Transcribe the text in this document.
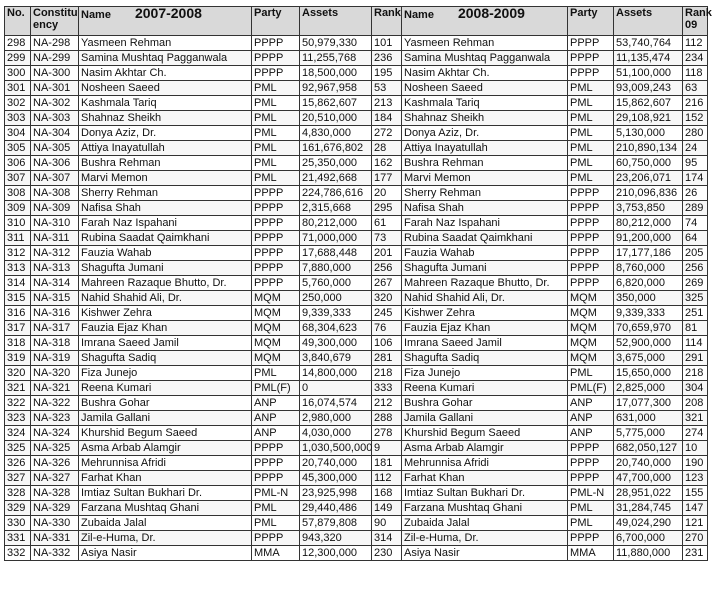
No.	Constitu ency	Name 2007-2008	Party	Assets	Rank	Name 2008-2009	Party	Assets	Rank 09
298	NA-298	Yasmeen Rehman	PPPP	50,979,330	101	Yasmeen Rehman	PPPP	53,740,764	112
299	NA-299	Samina Mushtaq Pagganwala	PPPP	11,255,768	236	Samina Mushtaq Pagganwala	PPPP	11,135,474	234
300	NA-300	Nasim Akhtar Ch.	PPPP	18,500,000	195	Nasim Akhtar Ch.	PPPP	51,100,000	118
301	NA-301	Nosheen Saeed	PML	92,967,958	53	Nosheen Saeed	PML	93,009,243	63
302	NA-302	Kashmala Tariq	PML	15,862,607	213	Kashmala Tariq	PML	15,862,607	216
303	NA-303	Shahnaz Sheikh	PML	20,510,000	184	Shahnaz Sheikh	PML	29,108,921	152
304	NA-304	Donya Aziz, Dr.	PML	4,830,000	272	Donya Aziz, Dr.	PML	5,130,000	280
305	NA-305	Attiya Inayatullah	PML	161,676,802	28	Attiya Inayatullah	PML	210,890,134	24
306	NA-306	Bushra Rehman	PML	25,350,000	162	Bushra Rehman	PML	60,750,000	95
307	NA-307	Marvi Memon	PML	21,492,668	177	Marvi Memon	PML	23,206,071	174
308	NA-308	Sherry Rehman	PPPP	224,786,616	20	Sherry Rehman	PPPP	210,096,836	26
309	NA-309	Nafisa Shah	PPPP	2,315,668	295	Nafisa Shah	PPPP	3,753,850	289
310	NA-310	Farah Naz Ispahani	PPPP	80,212,000	61	Farah Naz Ispahani	PPPP	80,212,000	74
311	NA-311	Rubina Saadat Qaimkhani	PPPP	71,000,000	73	Rubina Saadat Qaimkhani	PPPP	91,200,000	64
312	NA-312	Fauzia Wahab	PPPP	17,688,448	201	Fauzia Wahab	PPPP	17,177,186	205
313	NA-313	Shagufta Jumani	PPPP	7,880,000	256	Shagufta Jumani	PPPP	8,760,000	256
314	NA-314	Mahreen Razaque Bhutto, Dr.	PPPP	5,760,000	267	Mahreen Razaque Bhutto, Dr.	PPPP	6,820,000	269
315	NA-315	Nahid Shahid Ali, Dr.	MQM	250,000	320	Nahid Shahid Ali, Dr.	MQM	350,000	325
316	NA-316	Kishwer Zehra	MQM	9,339,333	245	Kishwer Zehra	MQM	9,339,333	251
317	NA-317	Fauzia Ejaz Khan	MQM	68,304,623	76	Fauzia Ejaz Khan	MQM	70,659,970	81
318	NA-318	Imrana Saeed Jamil	MQM	49,300,000	106	Imrana Saeed Jamil	MQM	52,900,000	114
319	NA-319	Shagufta Sadiq	MQM	3,840,679	281	Shagufta Sadiq	MQM	3,675,000	291
320	NA-320	Fiza Junejo	PML	14,800,000	218	Fiza Junejo	PML	15,650,000	218
321	NA-321	Reena Kumari	PML(F)	0	333	Reena Kumari	PML(F)	2,825,000	304
322	NA-322	Bushra Gohar	ANP	16,074,574	212	Bushra Gohar	ANP	17,077,300	208
323	NA-323	Jamila Gallani	ANP	2,980,000	288	Jamila Gallani	ANP	631,000	321
324	NA-324	Khurshid Begum Saeed	ANP	4,030,000	278	Khurshid Begum Saeed	ANP	5,775,000	274
325	NA-325	Asma Arbab Alamgir	PPPP	1,030,500,000	9	Asma Arbab Alamgir	PPPP	682,050,127	10
326	NA-326	Mehrunnisa Afridi	PPPP	20,740,000	181	Mehrunnisa Afridi	PPPP	20,740,000	190
327	NA-327	Farhat Khan	PPPP	45,300,000	112	Farhat Khan	PPPP	47,700,000	123
328	NA-328	Imtiaz Sultan Bukhari Dr.	PML-N	23,925,998	168	Imtiaz Sultan Bukhari Dr.	PML-N	28,951,022	155
329	NA-329	Farzana Mushtaq Ghani	PML	29,440,486	149	Farzana Mushtaq Ghani	PML	31,284,745	147
330	NA-330	Zubaida Jalal	PML	57,879,808	90	Zubaida Jalal	PML	49,024,290	121
331	NA-331	Zil-e-Huma, Dr.	PPPP	943,320	314	Zil-e-Huma, Dr.	PPPP	6,700,000	270
332	NA-332	Asiya Nasir	MMA	12,300,000	230	Asiya Nasir	MMA	11,880,000	231
